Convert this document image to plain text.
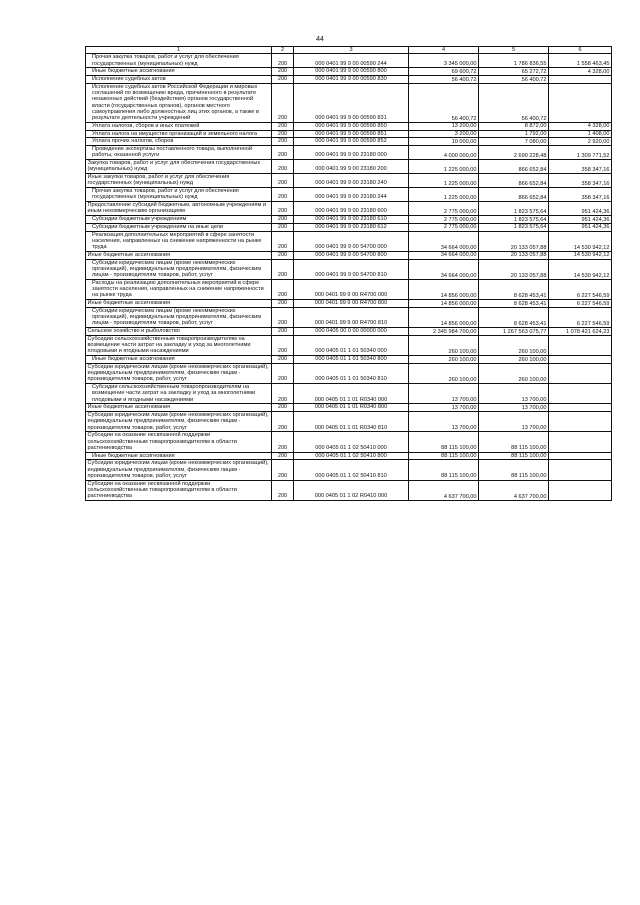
44
1	2	3	4	5	6
Прочая закупка товаров, работ и услуг для обеспечения государственных (муниципальных) нужд	200	000 0401 99 9 00 00590 244	3 345 000,00	1 786 836,55	1 558 463,45
Иные бюджетные ассигнования	200	000 0401 99 9 00 00590 800	69 600,72	65 272,72	4 328,00
Исполнение судебных актов	200	000 0401 99 9 00 00590 830	56 400,72	56 400,72	
Исполнение судебных актов Российской Федерации и мировых соглашений по возмещению вреда, причиненного в результате незаконных действий (бездействия) органов государственной власти (государственных органов), органов местного самоуправления либо должностных лиц этих органов, а также в результате деятельности учреждений	200	000 0401 99 9 00 00590 831	56 400,72	56 400,72	
Уплата налогов, сборов и иных платежей	200	000 0401 99 9 00 00590 850	13 200,00	8 872,00	4 328,00
Уплата налога на имущество организаций и земельного налога	200	000 0401 99 9 00 00590 851	3 200,00	1 792,00	1 408,00
Уплата прочих налогов, сборов	200	000 0401 99 9 00 00590 852	10 000,00	7 080,00	2 920,00
Проведение экспертизы поставленного товара, выполненной работы, оказанной услуги	200	000 0401 99 9 00 23180 000	4 000 000,00	2 690 228,48	1 309 771,52
Закупка товаров, работ и услуг для обеспечения государственных (муниципальных) нужд	200	000 0401 99 9 00 23180 200	1 225 000,00	866 652,84	358 347,16
Иные закупки товаров, работ и услуг для обеспечения государственных (муниципальных) нужд	200	000 0401 99 9 00 23180 240	1 225 000,00	866 652,84	358 347,16
Прочая закупка товаров, работ и услуг для обеспечения государственных (муниципальных) нужд	200	000 0401 99 9 00 23180 244	1 225 000,00	866 652,84	358 347,16
Предоставление субсидий бюджетным, автономным учреждениям и иным некоммерческим организациям	200	000 0401 99 9 00 23180 600	2 775 000,00	1 823 575,64	951 424,36
Субсидии бюджетным учреждениям	200	000 0401 99 9 00 23180 610	2 775 000,00	1 823 575,64	951 424,36
Субсидии бюджетным учреждениям на иные цели	200	000 0401 99 9 00 23180 612	2 775 000,00	1 823 575,64	951 424,36
Реализация дополнительных мероприятий в сфере занятости населения, направленных на снижение напряженности на рынке труда	200	000 0401 99 9 00 54700 000	34 664 000,00	20 133 057,88	14 530 942,12
Иные бюджетные ассигнования	200	000 0401 99 9 00 54700 800	34 664 000,00	20 133 057,88	14 530 942,12
Субсидии юридическим лицам (кроме некоммерческих организаций), индивидуальным предпринимателям, физическим лицам - производителям товаров, работ, услуг	200	000 0401 99 9 00 54700 810	34 664 000,00	20 133 057,88	14 530 942,12
Расходы на реализацию дополнительных мероприятий в сфере занятости населения, направленных на снижение напряженности на рынке труда	200	000 0401 99 9 00 R4700 000	14 856 000,00	8 628 453,41	6 227 546,59
Иные бюджетные ассигнования	200	000 0401 99 9 00 R4700 800	14 856 000,00	8 628 453,41	6 227 546,59
Субсидии юридическим лицам (кроме некоммерческих организаций), индивидуальным предпринимателям, физическим лицам - производителям товаров, работ, услуг	200	000 0401 99 9 00 R4700 810	14 856 000,00	8 628 453,41	6 227 546,59
Сельское хозяйство и рыболовство	200	000 0405 00 0 00 00000 000	2 345 984 700,00	1 267 563 075,77	1 078 421 624,23
Субсидии сельскохозяйственным товаропроизводителям на возмещение части затрат на закладку и уход за многолетними плодовыми и ягодными насаждениями	200	000 0405 01 1 01 50340 000	260 100,00	260 100,00	
Иные бюджетные ассигнования	200	000 0405 01 1 01 50340 800	260 100,00	260 100,00	
Субсидии юридическим лицам (кроме некоммерческих организаций), индивидуальным предпринимателям, физическим лицам - производителям товаров, работ, услуг	200	000 0405 01 1 01 50340 810	260 100,00	260 100,00	
Субсидии сельскохозяйственным товаропроизводителям на возмещение части затрат на закладку и уход за многолетними плодовыми и ягодными насаждениями	200	000 0405 01 1 01 R0340 000	13 700,00	13 700,00	
Иные бюджетные ассигнования	200	000 0405 01 1 01 R0340 800	13 700,00	13 700,00	
Субсидии юридическим лицам (кроме некоммерческих организаций), индивидуальным предпринимателям, физическим лицам - производителям товаров, работ, услуг	200	000 0405 01 1 01 R0340 810	13 700,00	13 700,00	
Субсидии на оказание несвязанной поддержки сельскохозяйственным товаропроизводителям в области растениеводства	200	000 0405 01 1 02 50410 000	88 115 100,00	88 115 100,00	
Иные бюджетные ассигнования	200	000 0405 01 1 02 50410 800	88 115 100,00	88 115 100,00	
Субсидии юридическим лицам (кроме некоммерческих организаций), индивидуальным предпринимателям, физическим лицам - производителям товаров, работ, услуг	200	000 0405 01 1 02 50410 810	88 115 100,00	88 115 100,00	
Субсидии на оказание несвязанной поддержки сельскохозяйственным товаропроизводителям в области растениеводства	200	000 0405 01 1 02 R0410 000	4 637 700,00	4 637 700,00	
